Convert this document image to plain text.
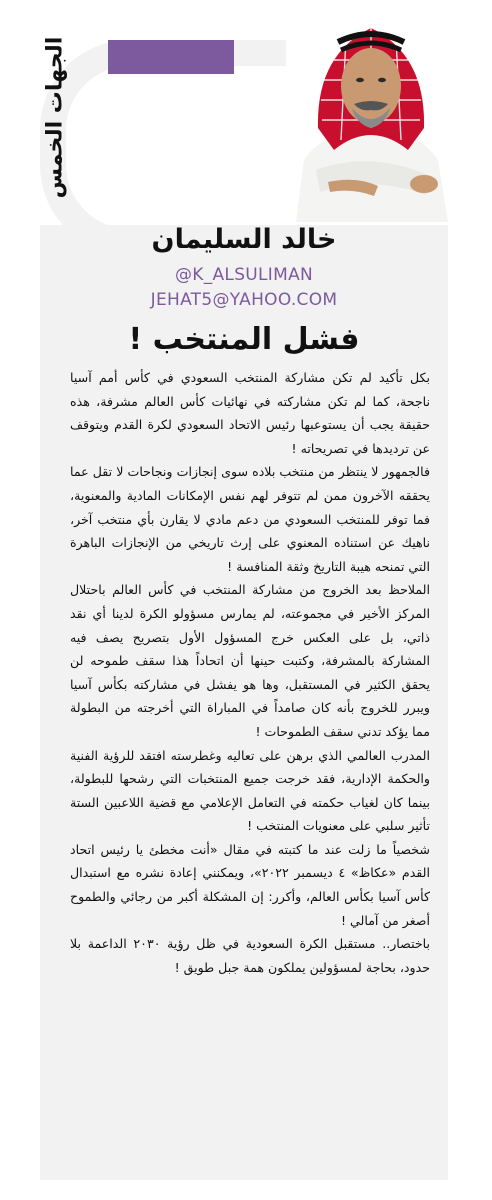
الجهات الخمس
خالد السليمان
@K_ALSULIMAN
JEHAT5@YAHOO.COM
فشل المنتخب !

بكل تأكيد لم تكن مشاركة المنتخب السعودي في كأس أمم آسيا ناجحة، كما لم تكن مشاركته في نهائيات كأس العالم مشرفة، هذه حقيقة يجب أن يستوعبها رئيس الاتحاد السعودي لكرة القدم ويتوقف عن ترديدها في تصريحاته !

فالجمهور لا ينتظر من منتخب بلاده سوى إنجازات ونجاحات لا تقل عما يحققه الآخرون ممن لم تتوفر لهم نفس الإمكانات المادية والمعنوية، فما توفر للمنتخب السعودي من دعم مادي لا يقارن بأي منتخب آخر، ناهيك عن استناده المعنوي على إرث تاريخي من الإنجازات الباهرة التي تمنحه هيبة التاريخ وثقة المنافسة !

الملاحظ بعد الخروج من مشاركة المنتخب في كأس العالم باحتلال المركز الأخير في مجموعته، لم يمارس مسؤولو الكرة لدينا أي نقد ذاتي، بل على العكس خرج المسؤول الأول بتصريح يصف فيه المشاركة بالمشرفة، وكتبت حينها أن اتحاداً هذا سقف طموحه لن يحقق الكثير في المستقبل، وها هو يفشل في مشاركته بكأس آسيا ويبرر للخروج بأنه كان صامداً في المباراة التي أخرجته من البطولة مما يؤكد تدني سقف الطموحات !

المدرب العالمي الذي برهن على تعاليه وغطرسته افتقد للرؤية الفنية والحكمة الإدارية، فقد خرجت جميع المنتخبات التي رشحها للبطولة، بينما كان لغياب حكمته في التعامل الإعلامي مع قضية اللاعبين الستة تأثير سلبي على معنويات المنتخب !

شخصياً ما زلت عند ما كتبته في مقال «أنت مخطئ يا رئيس اتحاد القدم «عكاظ» ٤ ديسمبر ٢٠٢٢»، ويمكنني إعادة نشره مع استبدال كأس آسيا بكأس العالم، وأكرر: إن المشكلة أكبر من رجائي والطموح أصغر من آمالي !

باختصار.. مستقبل الكرة السعودية في ظل رؤية ٢٠٣٠ الداعمة بلا حدود، بحاجة لمسؤولين يملكون همة جبل طويق !
